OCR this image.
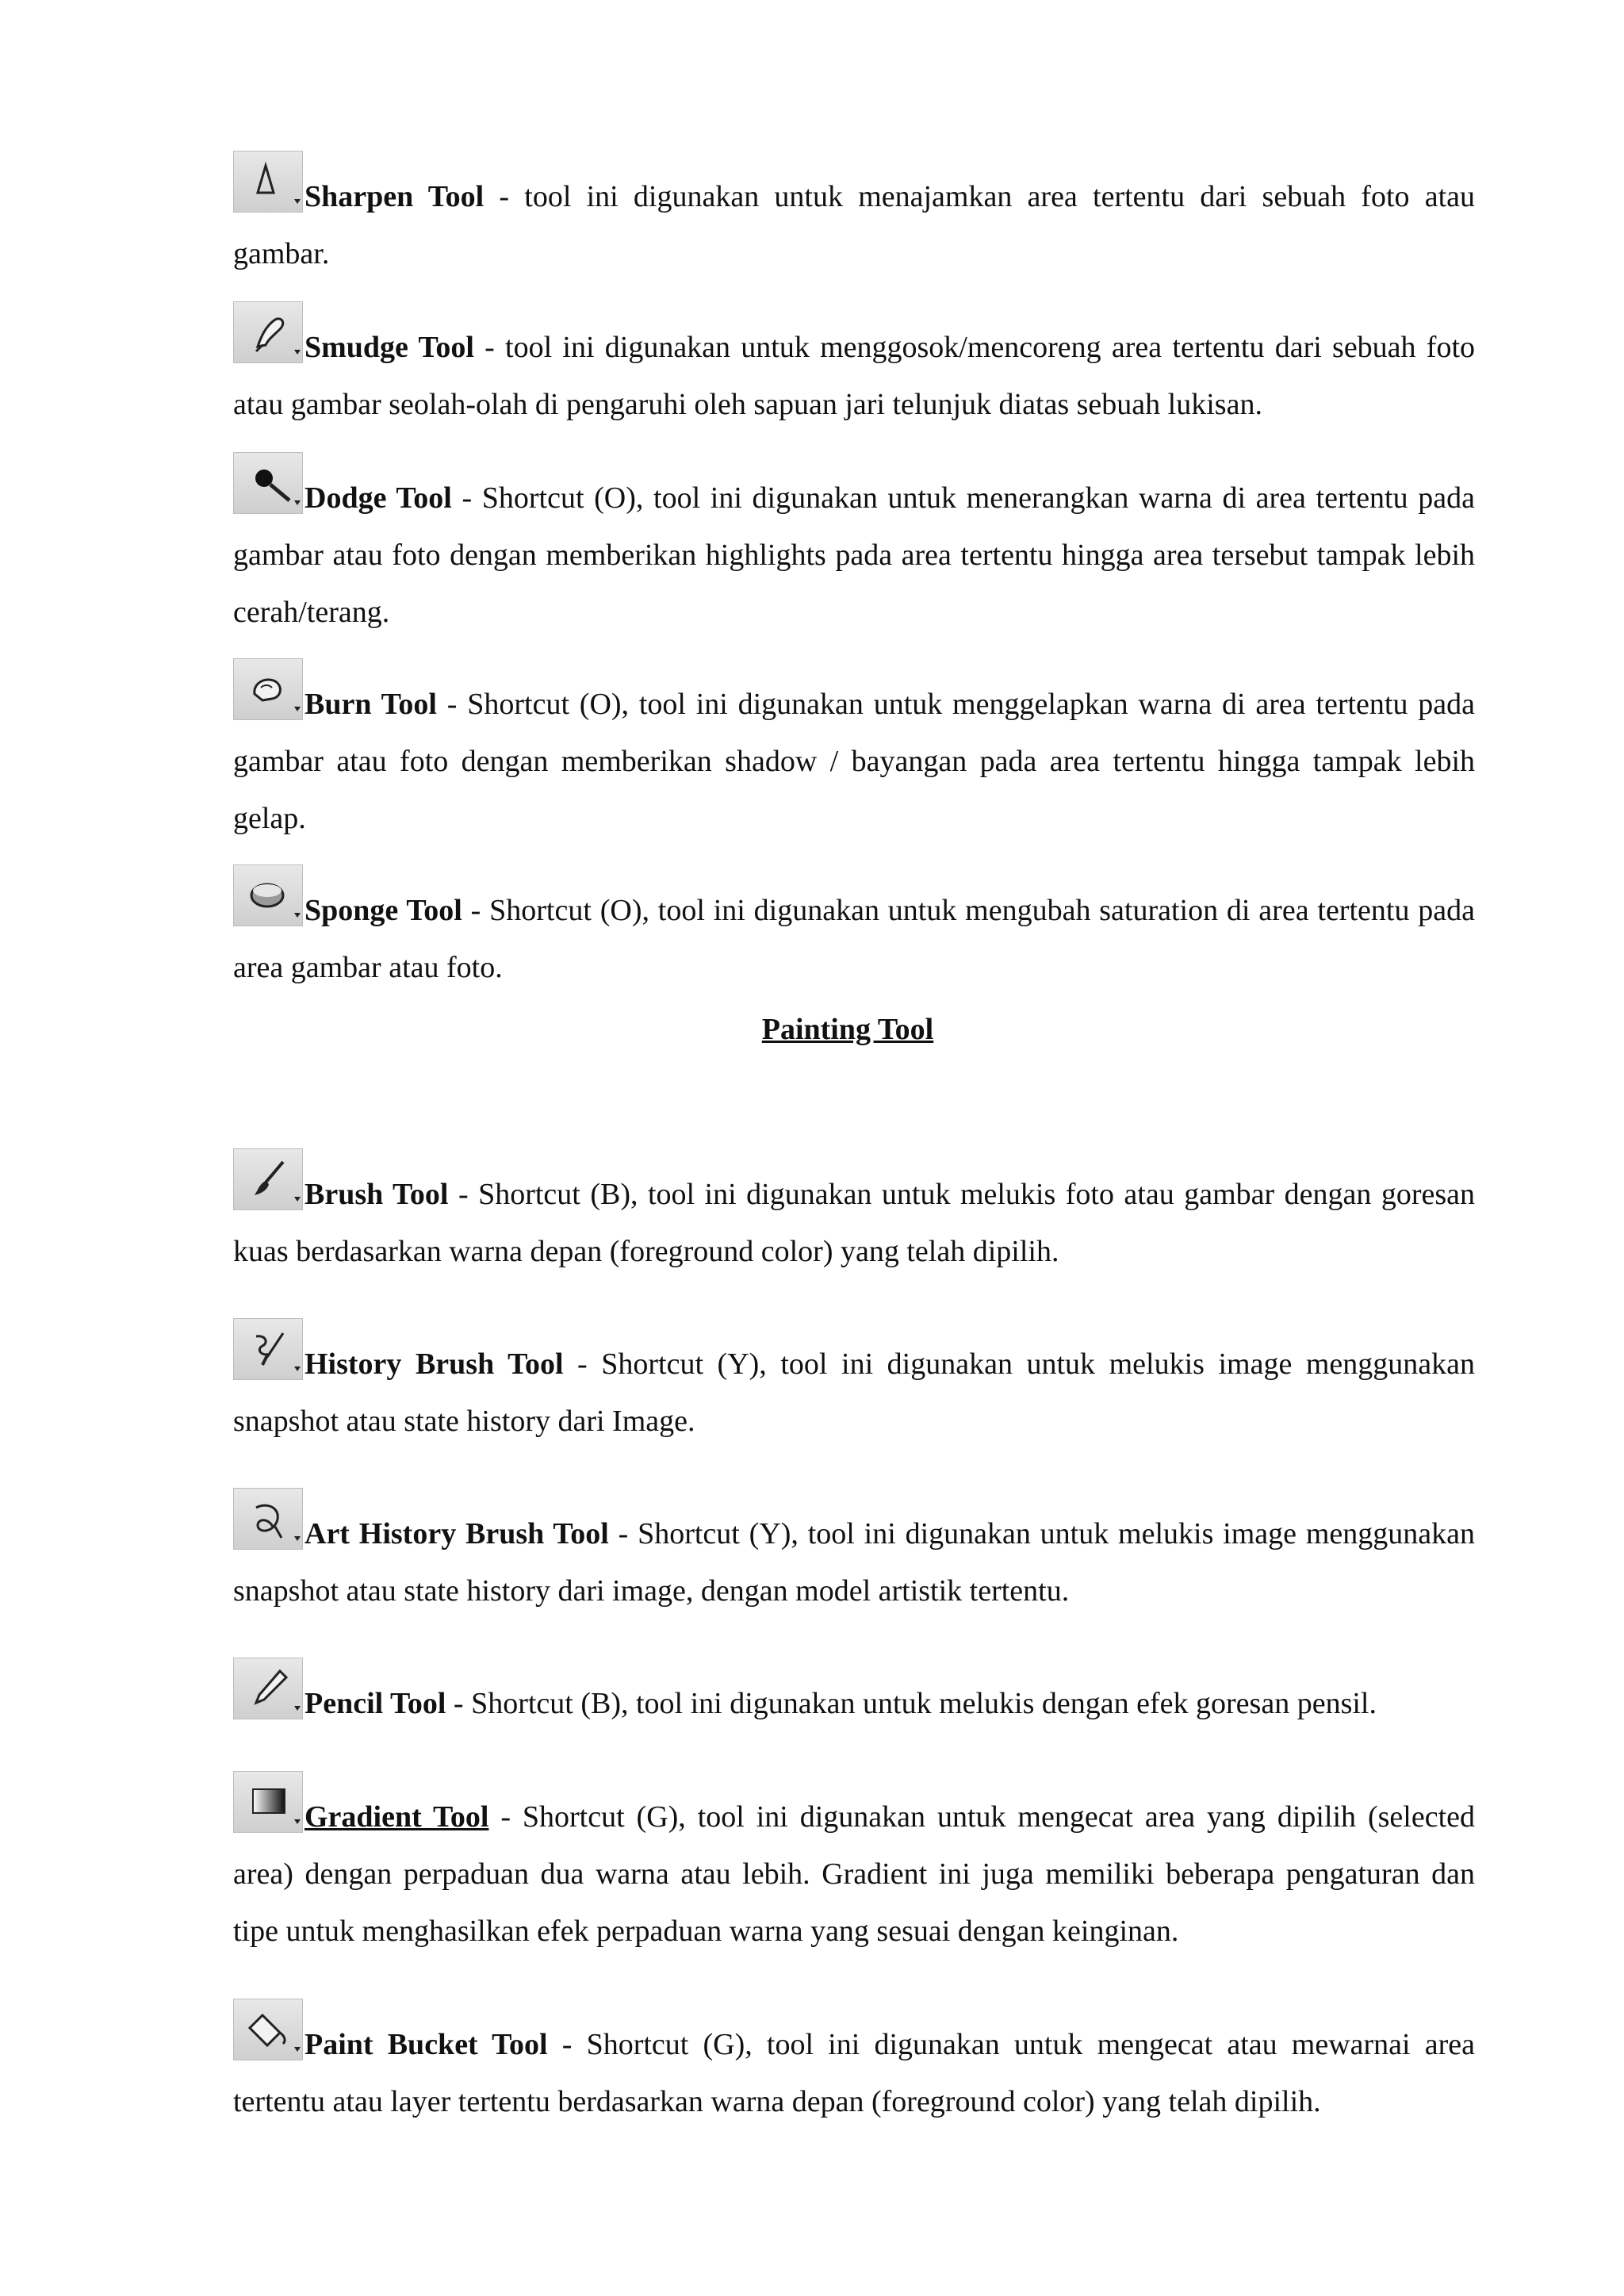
Sharpen Tool - tool ini digunakan untuk menajamkan area tertentu dari sebuah foto atau gambar.
Smudge Tool - tool ini digunakan untuk menggosok/mencoreng area tertentu dari sebuah foto atau gambar seolah-olah di pengaruhi oleh sapuan jari telunjuk diatas sebuah lukisan.
Dodge Tool - Shortcut (O), tool ini digunakan untuk menerangkan warna di area tertentu pada gambar atau foto dengan memberikan highlights pada area tertentu hingga area tersebut tampak lebih cerah/terang.
Burn Tool - Shortcut (O), tool ini digunakan untuk menggelapkan warna di area tertentu pada gambar atau foto dengan memberikan shadow / bayangan pada area tertentu hingga tampak lebih gelap.
Sponge Tool - Shortcut (O), tool ini digunakan untuk mengubah saturation di area tertentu pada area gambar atau foto.
Painting Tool
Brush Tool - Shortcut (B), tool ini digunakan untuk melukis foto atau gambar dengan goresan kuas berdasarkan warna depan (foreground color) yang telah dipilih.
History Brush Tool - Shortcut (Y), tool ini digunakan untuk melukis image menggunakan snapshot atau state history dari Image.
Art History Brush Tool - Shortcut (Y), tool ini digunakan untuk melukis image menggunakan snapshot atau state history dari image, dengan model artistik tertentu.
Pencil Tool - Shortcut (B), tool ini digunakan untuk melukis dengan efek goresan pensil.
Gradient Tool - Shortcut (G), tool ini digunakan untuk mengecat area yang dipilih (selected area) dengan perpaduan dua warna atau lebih. Gradient ini juga memiliki beberapa pengaturan dan tipe untuk menghasilkan efek perpaduan warna yang sesuai dengan keinginan.
Paint Bucket Tool - Shortcut (G), tool ini digunakan untuk mengecat atau mewarnai area tertentu atau layer tertentu berdasarkan warna depan (foreground color) yang telah dipilih.
